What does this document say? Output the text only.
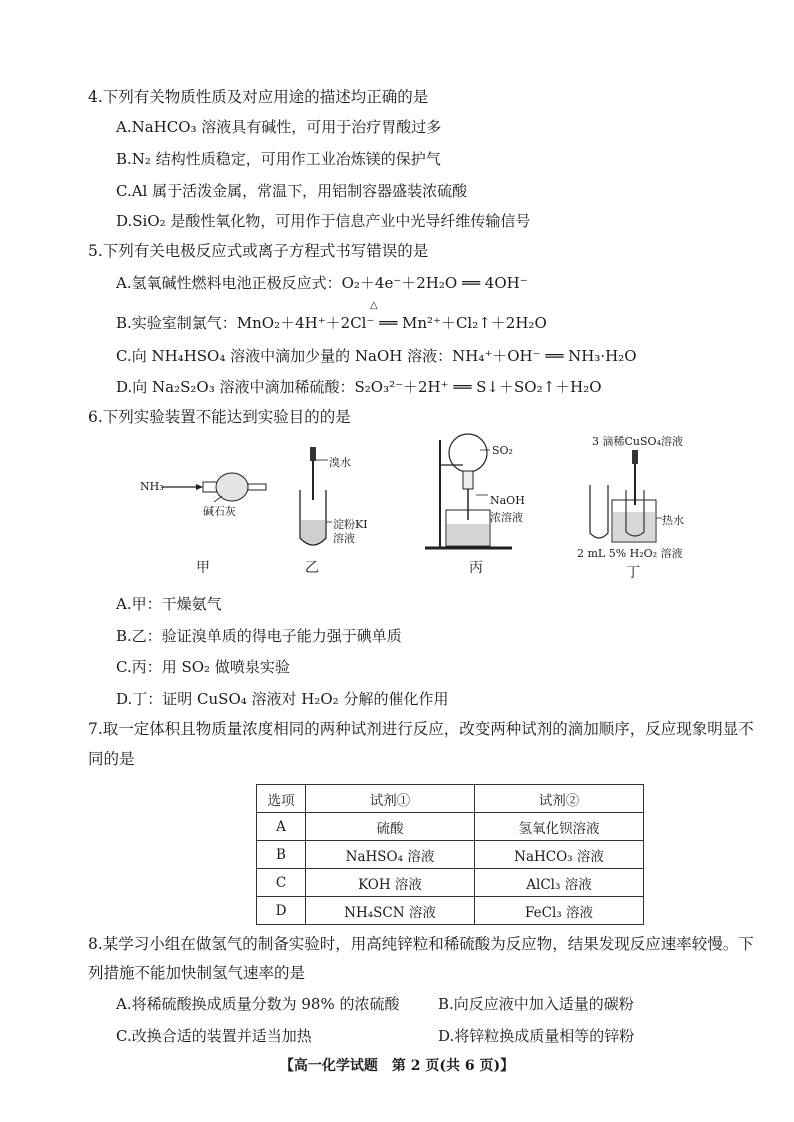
4.下列有关物质性质及对应用途的描述均正确的是
A.NaHCO₃ 溶液具有碱性，可用于治疗胃酸过多
B.N₂ 结构性质稳定，可用作工业冶炼镁的保护气
C.Al 属于活泼金属，常温下，用铝制容器盛装浓硫酸
D.SiO₂ 是酸性氧化物，可用作于信息产业中光导纤维传输信号
5.下列有关电极反应式或离子方程式书写错误的是
A.氢氧碱性燃料电池正极反应式：O₂＋4e⁻＋2H₂O ══ 4OH⁻
△
B.实验室制氯气：MnO₂＋4H⁺＋2Cl⁻ ══ Mn²⁺＋Cl₂↑＋2H₂O
C.向 NH₄HSO₄ 溶液中滴加少量的 NaOH 溶液：NH₄⁺＋OH⁻ ══ NH₃·H₂O
D.向 Na₂S₂O₃ 溶液中滴加稀硫酸：S₂O₃²⁻＋2H⁺ ══ S↓＋SO₂↑＋H₂O
6.下列实验装置不能达到实验目的的是
NH₃
碱石灰
甲
溴水
淀粉KI
溶液
乙
SO₂
NaOH
浓溶液
丙
3 滴稀CuSO₄溶液
热水
2 mL 5% H₂O₂ 溶液
丁
A.甲：干燥氨气
B.乙：验证溴单质的得电子能力强于碘单质
C.丙：用 SO₂ 做喷泉实验
D.丁：证明 CuSO₄ 溶液对 H₂O₂ 分解的催化作用
7.取一定体积且物质量浓度相同的两种试剂进行反应，改变两种试剂的滴加顺序，反应现象明显不
同的是
选项	试剂①	试剂②
A	硫酸	氢氧化钡溶液
B	NaHSO₄ 溶液	NaHCO₃ 溶液
C	KOH 溶液	AlCl₃ 溶液
D	NH₄SCN 溶液	FeCl₃ 溶液
8.某学习小组在做氢气的制备实验时，用高纯锌粒和稀硫酸为反应物，结果发现反应速率较慢。下
列措施不能加快制氢气速率的是
A.将稀硫酸换成质量分数为 98% 的浓硫酸	B.向反应液中加入适量的碳粉
C.改换合适的装置并适当加热	D.将锌粒换成质量相等的锌粉
【高一化学试题　第 2 页(共 6 页)】
